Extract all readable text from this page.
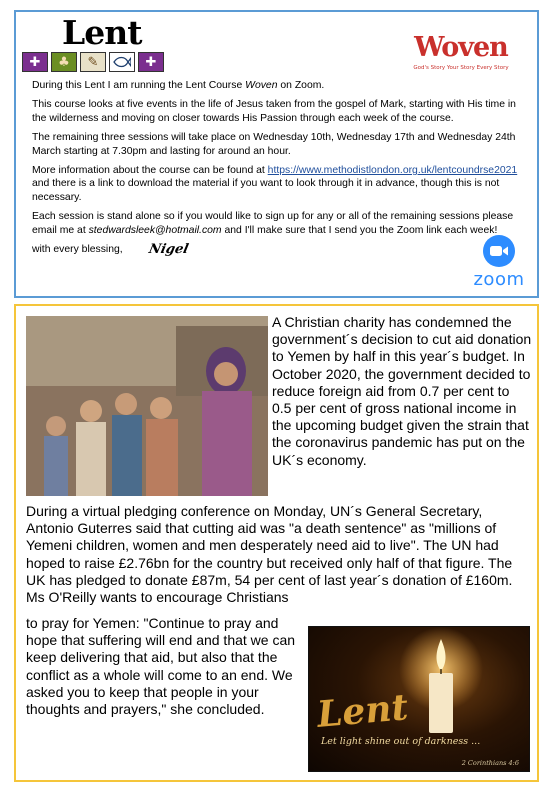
Lent
✚	♣	✎	✚	Woven
God's Story Your Story Every Story

During this Lent I am running the Lent Course Woven on Zoom.

This course looks at five events in the life of Jesus taken from the gospel of Mark, starting with His time in the wilderness and moving on closer towards His Passion through each week of the course.

The remaining three sessions will take place on Wednesday 10th, Wednesday 17th and Wednesday 24th March starting at 7.30pm and lasting for around an hour.

More information about the course can be found at https://www.methodistlondon.org.uk/lentcoundrse2021 and there is a link to download the material if you want to look through it in advance, though this is not necessary.

Each session is stand alone so if you would like to sign up for any or all of the remaining sessions please email me at stedwardsleek@hotmail.com and I'll make sure that I send you the Zoom link each week!

with every blessing, Nigel
zoom
A Christian charity has condemned the government´s decision to cut aid donation to Yemen by half in this year´s budget. In October 2020, the government decided to reduce foreign aid from 0.7 per cent to 0.5 per cent of gross national income in the upcoming budget given the strain that the coronavirus pandemic has put on the UK´s economy.
During a virtual pledging conference on Monday, UN´s General Secretary, Antonio Guterres said that cutting aid was "a death sentence" as "millions of Yemeni children, women and men desperately need aid to live". The UN had hoped to raise £2.76bn for the country but received only half of that figure. The UK has pledged to donate £87m, 54 per cent of last year´s donation of £160m. Ms O'Reilly wants to encourage Christians
to pray for Yemen: "Continue to pray and hope that suffering will end and that we can keep delivering that aid, but also that the conflict as a whole will come to an end. We asked you to keep that people in your thoughts and prayers," she concluded.	Lent
Let light shine out of darkness ...
2 Corinthians 4:6
